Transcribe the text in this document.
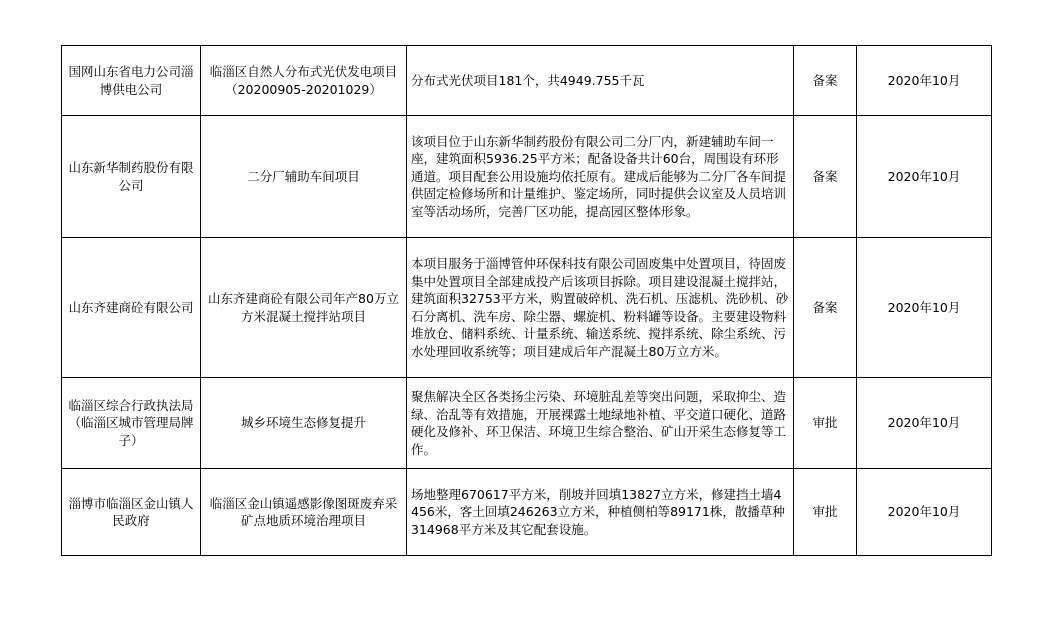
国网山东省电力公司淄博供电公司	临淄区自然人分布式光伏发电项目（20200905-20201029）	分布式光伏项目181个，共4949.755千瓦	备案	2020年10月
山东新华制药股份有限公司	二分厂辅助车间项目	该项目位于山东新华制药股份有限公司二分厂内，新建辅助车间一座，建筑面积5936.25平方米；配备设备共计60台，周围设有环形通道。项目配套公用设施均依托原有。建成后能够为二分厂各车间提供固定检修场所和计量维护、鉴定场所，同时提供会议室及人员培训室等活动场所，完善厂区功能，提高园区整体形象。	备案	2020年10月
山东齐建商砼有限公司	山东齐建商砼有限公司年产80万立方米混凝土搅拌站项目	本项目服务于淄博管仲环保科技有限公司固废集中处置项目，待固废集中处置项目全部建成投产后该项目拆除。项目建设混凝土搅拌站，建筑面积32753平方米，购置破碎机、洗石机、压滤机、洗砂机、砂石分离机、洗车房、除尘器、螺旋机、粉料罐等设备。主要建设物料堆放仓、储料系统、计量系统、输送系统、搅拌系统、除尘系统、污水处理回收系统等；项目建成后年产混凝土80万立方米。	备案	2020年10月
临淄区综合行政执法局（临淄区城市管理局牌子）	城乡环境生态修复提升	聚焦解决全区各类扬尘污染、环境脏乱差等突出问题，采取抑尘、造绿、治乱等有效措施，开展裸露土地绿地补植、平交道口硬化、道路硬化及修补、环卫保洁、环境卫生综合整治、矿山开采生态修复等工作。	审批	2020年10月
淄博市临淄区金山镇人民政府	临淄区金山镇遥感影像图斑废弃采矿点地质环境治理项目	场地整理670617平方米，削坡并回填13827立方米，修建挡土墙4456米，客土回填246263立方米，种植侧柏等89171株，散播草种314968平方米及其它配套设施。	审批	2020年10月
